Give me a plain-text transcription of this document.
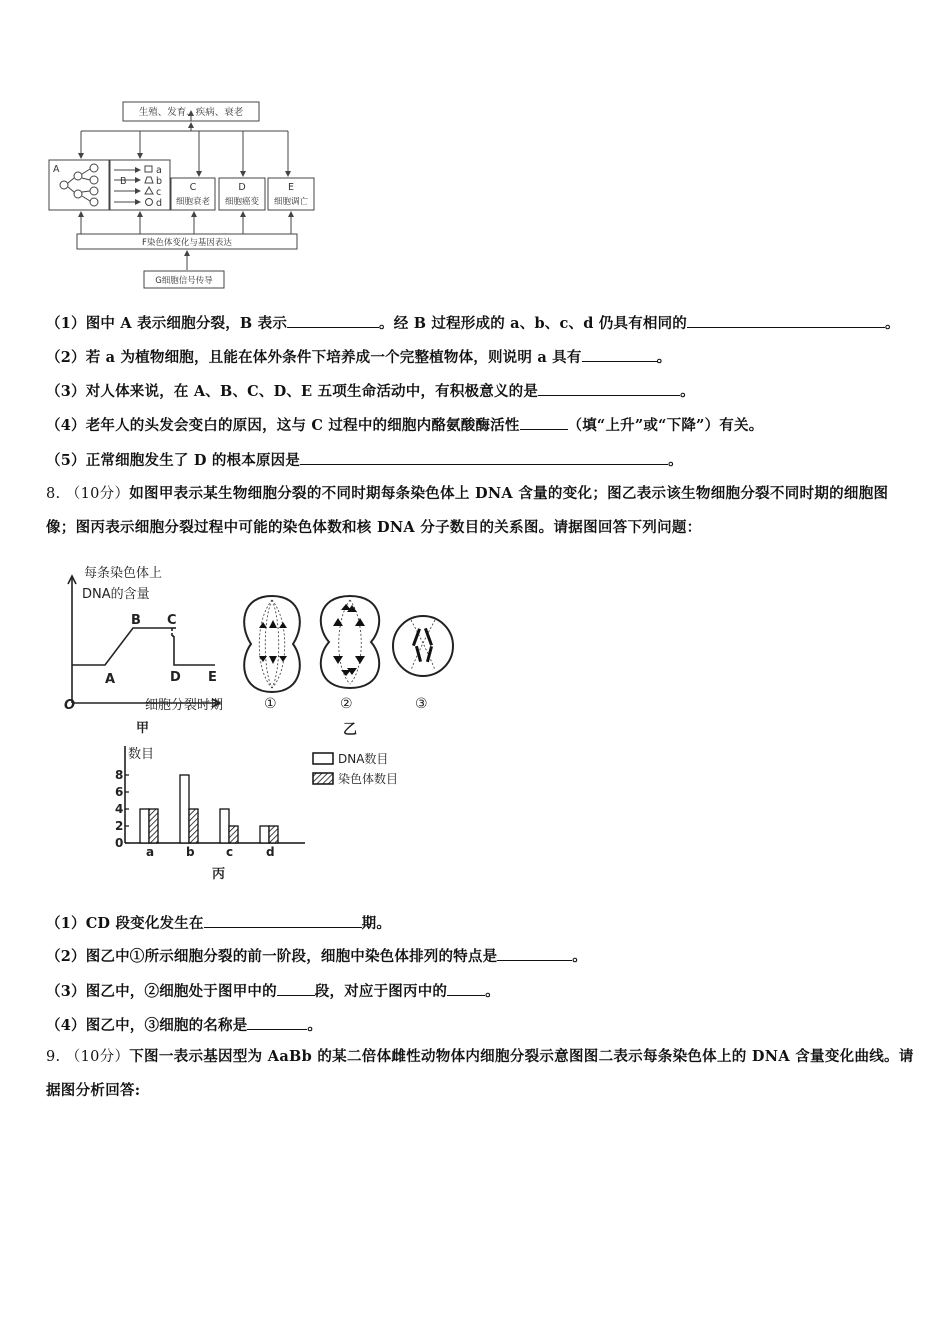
生殖、发育、疾病、衰老
A
B
a
b
c
d
C
细胞衰老
D
细胞癌变
E
细胞调亡
F染色体变化与基因表达
G细胞信号传导
（1）图中 A 表示细胞分裂，B 表示	。经 B 过程形成的 a、b、c、d 仍具有相同的	。
（2）若 a 为植物细胞，且能在体外条件下培养成一个完整植物体，则说明 a 具有	。
（3）对人体来说，在 A、B、C、D、E 五项生命活动中，有积极意义的是	。
（4）老年人的头发会变白的原因，这与 C 过程中的细胞内酪氨酸酶活性	（填“上升”或“下降”）有关。
（5）正常细胞发生了 D 的根本原因是	。
8. （10分）如图甲表示某生物细胞分裂的不同时期每条染色体上 DNA 含量的变化；图乙表示该生物细胞分裂不同时期的细胞图像；图丙表示细胞分裂过程中可能的染色体数和核 DNA 分子数目的关系图。请据图回答下列问题：
每条染色体上
DNA的含量
A
B C
D E
O	细胞分裂时期
甲
①	②	③
乙
数目
0
2
4
6
8
a	b	c	d
丙
DNA数目
染色体数目
（1）CD 段变化发生在	期。
（2）图乙中①所示细胞分裂的前一阶段，细胞中染色体排列的特点是	。
（3）图乙中，②细胞处于图甲中的	段，对应于图丙中的	。
（4）图乙中，③细胞的名称是	。
9. （10分）下图一表示基因型为 AaBb 的某二倍体雌性动物体内细胞分裂示意图图二表示每条染色体上的 DNA 含量变化曲线。请据图分析回答:
